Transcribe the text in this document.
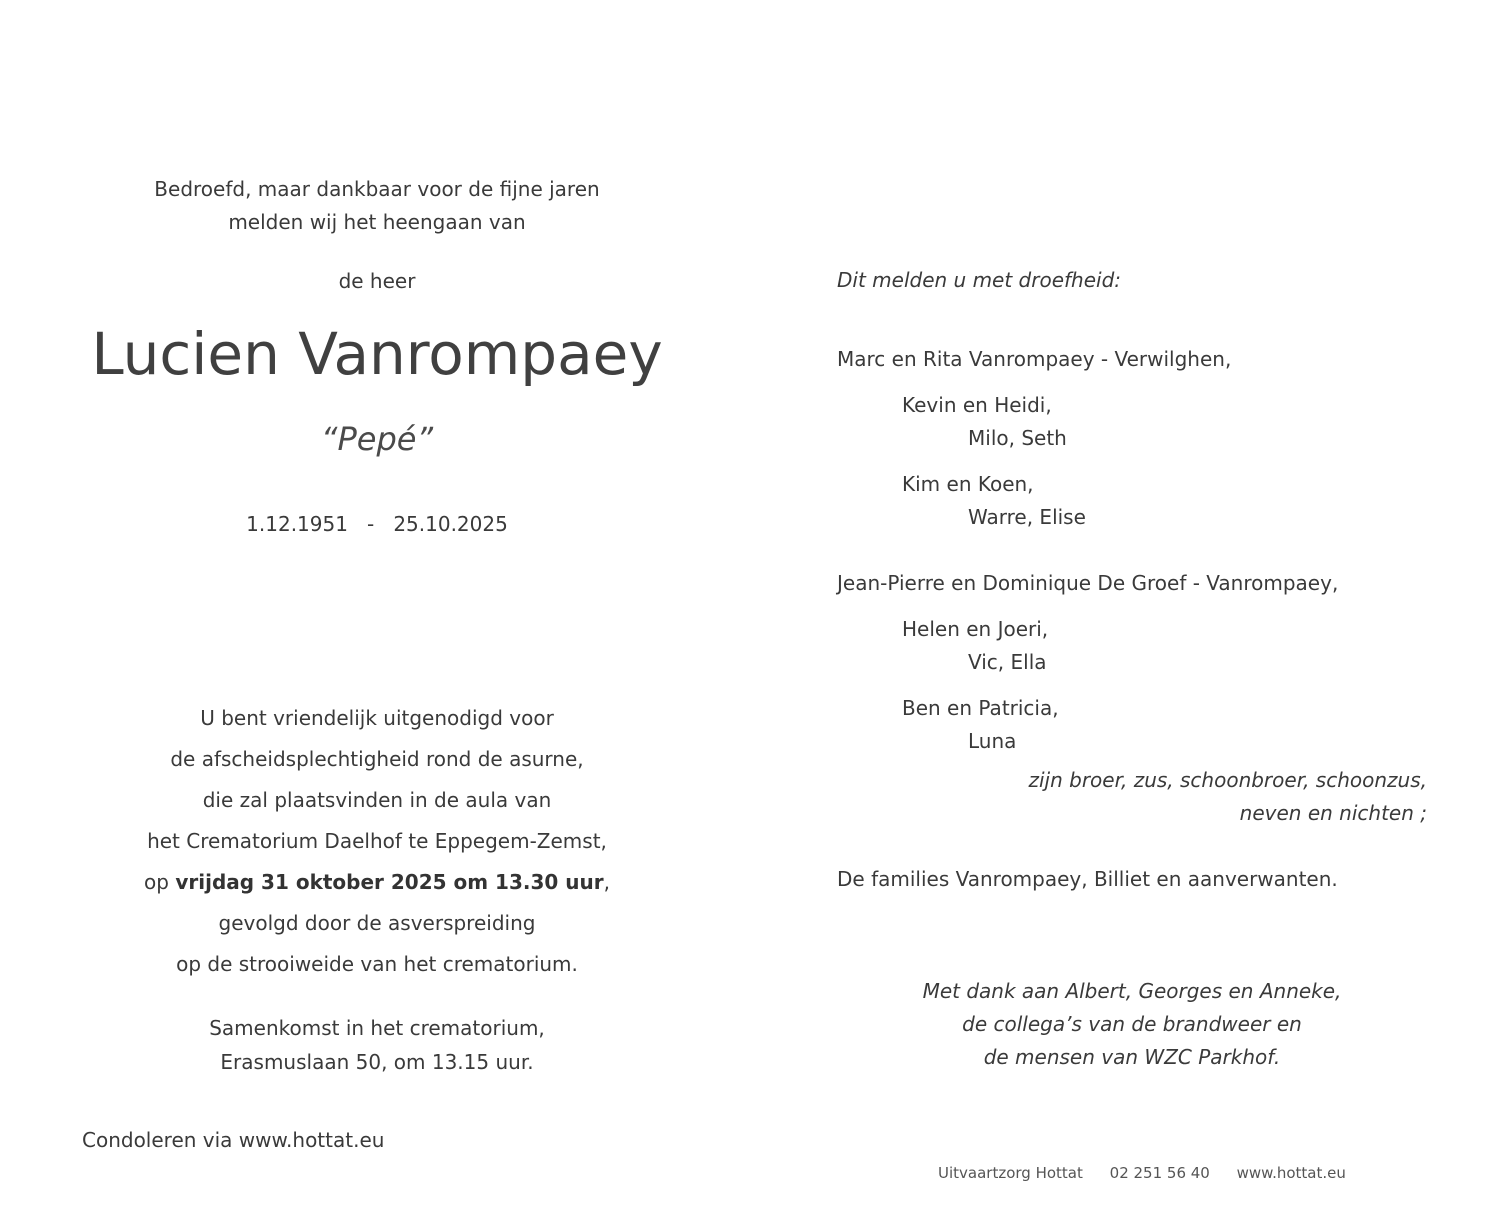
Bedroefd, maar dankbaar voor de fijne jaren
melden wij het heengaan van
de heer
Lucien Vanrompaey
“Pepé”
1.12.1951   -   25.10.2025
U bent vriendelijk uitgenodigd voor
de afscheidsplechtigheid rond de asurne,
die zal plaatsvinden in de aula van
het Crematorium Daelhof te Eppegem-Zemst,
op vrijdag 31 oktober 2025 om 13.30 uur,
gevolgd door de asverspreiding
op de strooiweide van het crematorium.
Samenkomst in het crematorium,
Erasmuslaan 50, om 13.15 uur.
Condoleren via www.hottat.eu
Dit melden u met droefheid:
Marc en Rita Vanrompaey - Verwilghen,
Kevin en Heidi,
Milo, Seth
Kim en Koen,
Warre, Elise
Jean-Pierre en Dominique De Groef - Vanrompaey,
Helen en Joeri,
Vic, Ella
Ben en Patricia,
Luna
zijn broer, zus, schoonbroer, schoonzus,
neven en nichten ;
De families Vanrompaey, Billiet en aanverwanten.
Met dank aan Albert, Georges en Anneke,
de collega’s van de brandweer en
de mensen van WZC Parkhof.
Uitvaartzorg Hottat 02 251 56 40 www.hottat.eu
